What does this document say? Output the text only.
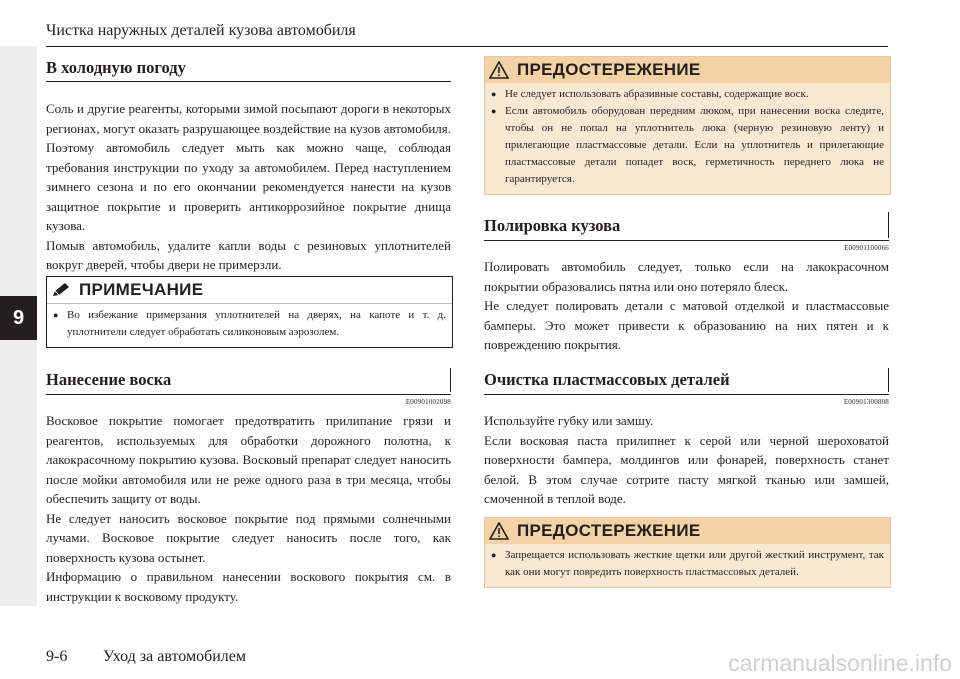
Чистка наружных деталей кузова автомобиля
9
В холодную погоду

Соль и другие реагенты, которыми зимой посыпают дороги в некоторых регионах, могут оказать разрушающее воздействие на кузов автомобиля. Поэтому автомобиль следует мыть как можно чаще, соблюдая требования инструкции по уходу за автомобилем. Перед наступлением зимнего сезона и по его окончании рекомендуется нанести на кузов защитное покрытие и проверить антикоррозийное покрытие днища кузова.

Помыв автомобиль, удалите капли воды с резиновых уплотнителей вокруг дверей, чтобы двери не примерзли.

ПРИМЕЧАНИЕ
● Во избежание примерзания уплотнителей на дверях, на капоте и т. д. уплотнители следует обработать силиконовым аэрозолем.
Нанесение воска
E00901002098

Восковое покрытие помогает предотвратить прилипание грязи и реагентов, используемых для обработки дорожного полотна, к лакокрасочному покрытию кузова. Восковый препарат следует наносить после мойки автомобиля или не реже одного раза в три месяца, чтобы обеспечить защиту от воды.

Не следует наносить восковое покрытие под прямыми солнечными лучами. Восковое покрытие следует наносить после того, как поверхность кузова остынет.

Информацию о правильном нанесении воскового покрытия см. в инструкции к восковому продукту.

ПРЕДОСТЕРЕЖЕНИЕ
● Не следует использовать абразивные составы, содержащие воск.
● Если автомобиль оборудован передним люком, при нанесении воска следите, чтобы он не попал на уплотнитель люка (черную резиновую ленту) и прилегающие пластмассовые детали. Если на уплотнитель и прилегающие пластмассовые детали попадет воск, герметичность переднего люка не гарантируется.
Полировка кузова
E00901100066

Полировать автомобиль следует, только если на лакокрасочном покрытии образовались пятна или оно потеряло блеск.

Не следует полировать детали с матовой отделкой и пластмассовые бамперы. Это может привести к образованию на них пятен и к повреждению покрытия.

Очистка пластмассовых деталей
E00901300808

Используйте губку или замшу.

Если восковая паста прилипнет к серой или черной шероховатой поверхности бампера, молдингов или фонарей, поверхность станет белой. В этом случае сотрите пасту мягкой тканью или замшей, смоченной в теплой воде.

ПРЕДОСТЕРЕЖЕНИЕ
● Запрещается использовать жесткие щетки или другой жесткий инструмент, так как они могут повредить поверхность пластмассовых деталей.
9-6 Уход за автомобилем	carmanualsonline.info
